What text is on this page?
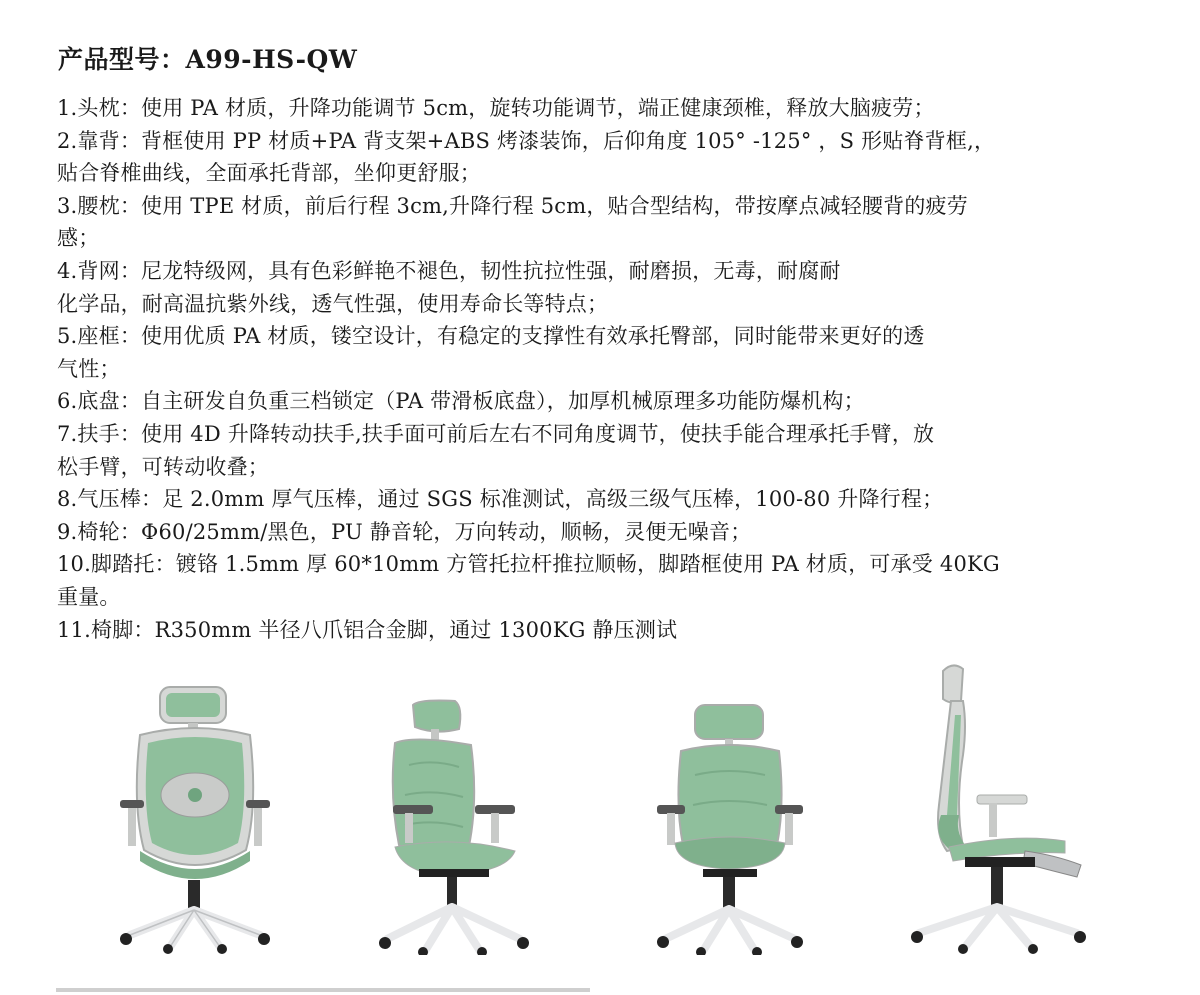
产品型号：A99-HS-QW
1.头枕：使用 PA 材质，升降功能调节 5cm，旋转功能调节，端正健康颈椎，释放大脑疲劳；
2.靠背：背框使用 PP 材质+PA 背支架+ABS 烤漆装饰，后仰角度 105° -125° ，S 形贴脊背框,，
贴合脊椎曲线，全面承托背部，坐仰更舒服；
3.腰枕：使用 TPE 材质，前后行程 3cm,升降行程 5cm，贴合型结构，带按摩点减轻腰背的疲劳
感；
4.背网：尼龙特级网，具有色彩鲜艳不褪色，韧性抗拉性强，耐磨损，无毒，耐腐耐
化学品，耐高温抗紫外线，透气性强，使用寿命长等特点；
5.座框：使用优质 PA 材质，镂空设计，有稳定的支撑性有效承托臀部，同时能带来更好的透
气性；
6.底盘：自主研发自负重三档锁定（PA 带滑板底盘），加厚机械原理多功能防爆机构；
7.扶手：使用 4D 升降转动扶手,扶手面可前后左右不同角度调节，使扶手能合理承托手臂，放
松手臂，可转动收叠；
8.气压棒：足 2.0mm 厚气压棒，通过 SGS 标准测试，高级三级气压棒，100-80 升降行程；
9.椅轮：Φ60/25mm/黑色，PU 静音轮，万向转动，顺畅，灵便无噪音；
10.脚踏托：镀铬 1.5mm 厚 60*10mm 方管托拉杆推拉顺畅，脚踏框使用 PA 材质，可承受 40KG
重量。
11.椅脚：R350mm 半径八爪铝合金脚，通过 1300KG 静压测试
